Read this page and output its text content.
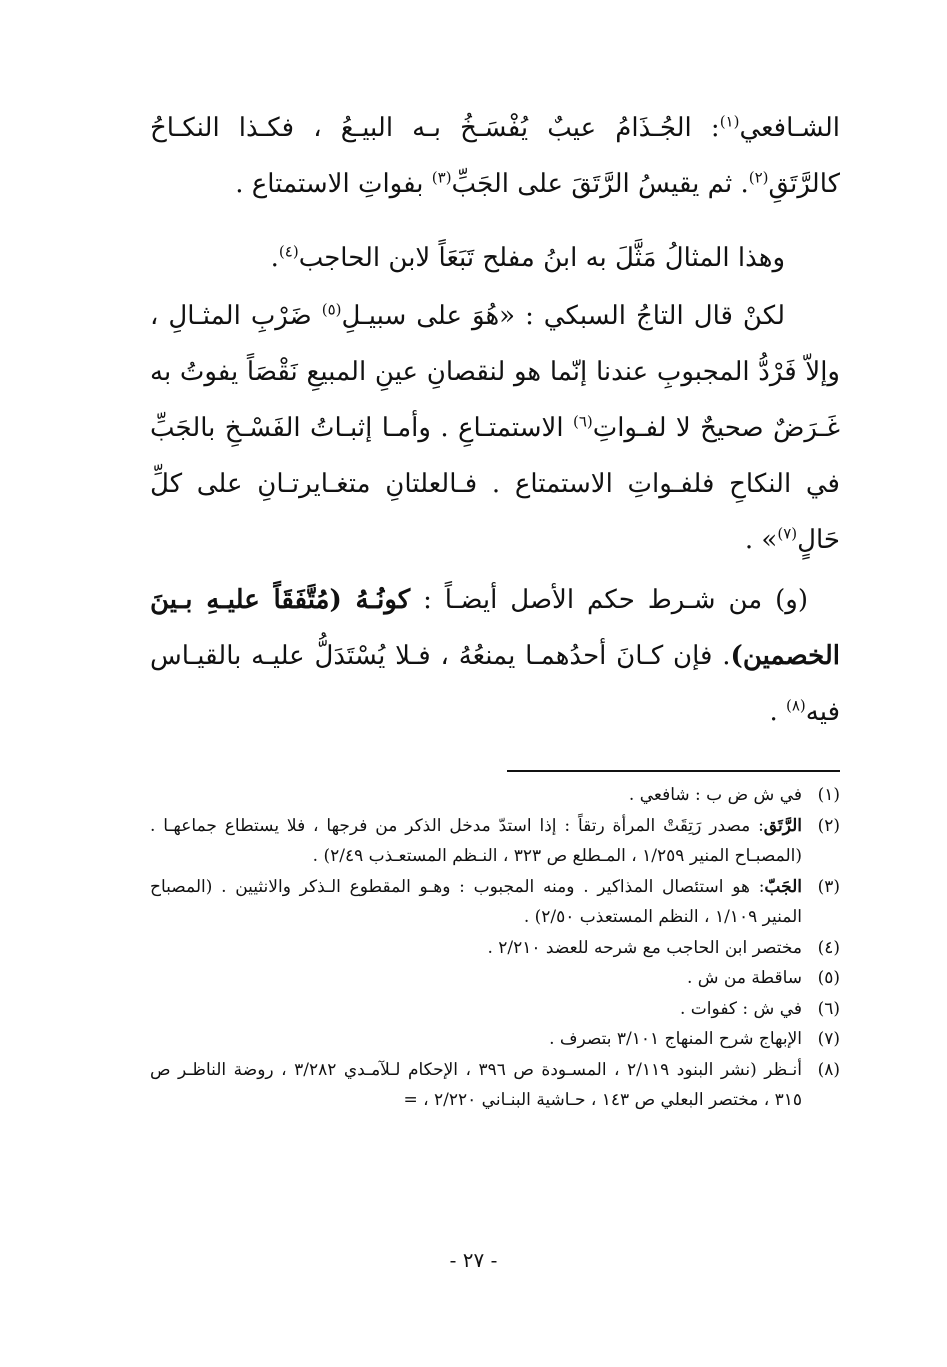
الشـافعي$^{(١)}$: الجُـذَامُ عيبٌ يُفْسَـخُ بـه البيـعُ ، فكـذا النكـاحُ كالرَّتَقِ$^{(٢)}$. ثم يقيسُ الرَّتَقَ على الجَبِّ$^{(٣)}$ بفواتِ الاستمتاع .
وهذا المثالُ مَثَّلَ به ابنُ مفلح تَبَعَاً لابن الحاجب$^{(٤)}$.
لكنْ قال التاجُ السبكي : «هُوَ على سبيـلِ$^{(٥)}$ ضَرْبِ المثـالِ ، وإلاّ فَرْدُّ المجبوبِ عندنا إنّما هو لنقصانِ عينِ المبيعِ نَقْصَاً يفوتُ به غَـرَضٌ صحيحٌ لا لفـواتِ$^{(٦)}$ الاستمتـاعِ . وأمـا إثبـاتُ الفَسْـخِ بالجَبِّ في النكاحِ فلفـواتِ الاستمتاع . فـالعلتانِ متغـايرتـانِ على كلِّ حَالٍ$^{(٧)}$» .
(و) من شـرط حكم الأصل أيضـاً : كونُـهُ (مُتَّفَقَاً عليـهِ بـينَ الخصمين). فإن كـانَ أحدُهمـا يمنعُهُ ، فـلا يُسْتَدَلُّ عليـه بالقيـاس فيه$^{(٨)}$ .
(١)
في ش ض ب : شافعي .
(٢)
الرَّتَق: مصدر رَتِقَتْ المرأة رتقاً : إذا استدّ مدخل الذكر من فرجها ، فلا يستطاع جماعهـا . (المصبـاح المنير ١/٢٥٩ ، المـطلع ص ٣٢٣ ، النـظم المستعـذب ٢/٤٩) .
(٣)
الجَبّ: هو استئصال المذاكير . ومنه المجبوب : وهـو المقطوع الـذكر والانثيين . (المصباح المنير ١/١٠٩ ، النظم المستعذب ٢/٥٠) .
(٤)
مختصر ابن الحاجب مع شرحه للعضد ٢/٢١٠ .
(٥)
ساقطة من ش .
(٦)
في ش : كفوات .
(٧)
الإبهاج شرح المنهاج ٣/١٠١ بتصرف .
(٨)
أنـظر (نشر البنود ٢/١١٩ ، المسـودة ص ٣٩٦ ، الإحكام لـلآمـدي ٣/٢٨٢ ، روضة الناظـر ص ٣١٥ ، مختصر البعلي ص ١٤٣ ، حـاشية البنـاني ٢/٢٢٠ ، =
- ٢٧ -
